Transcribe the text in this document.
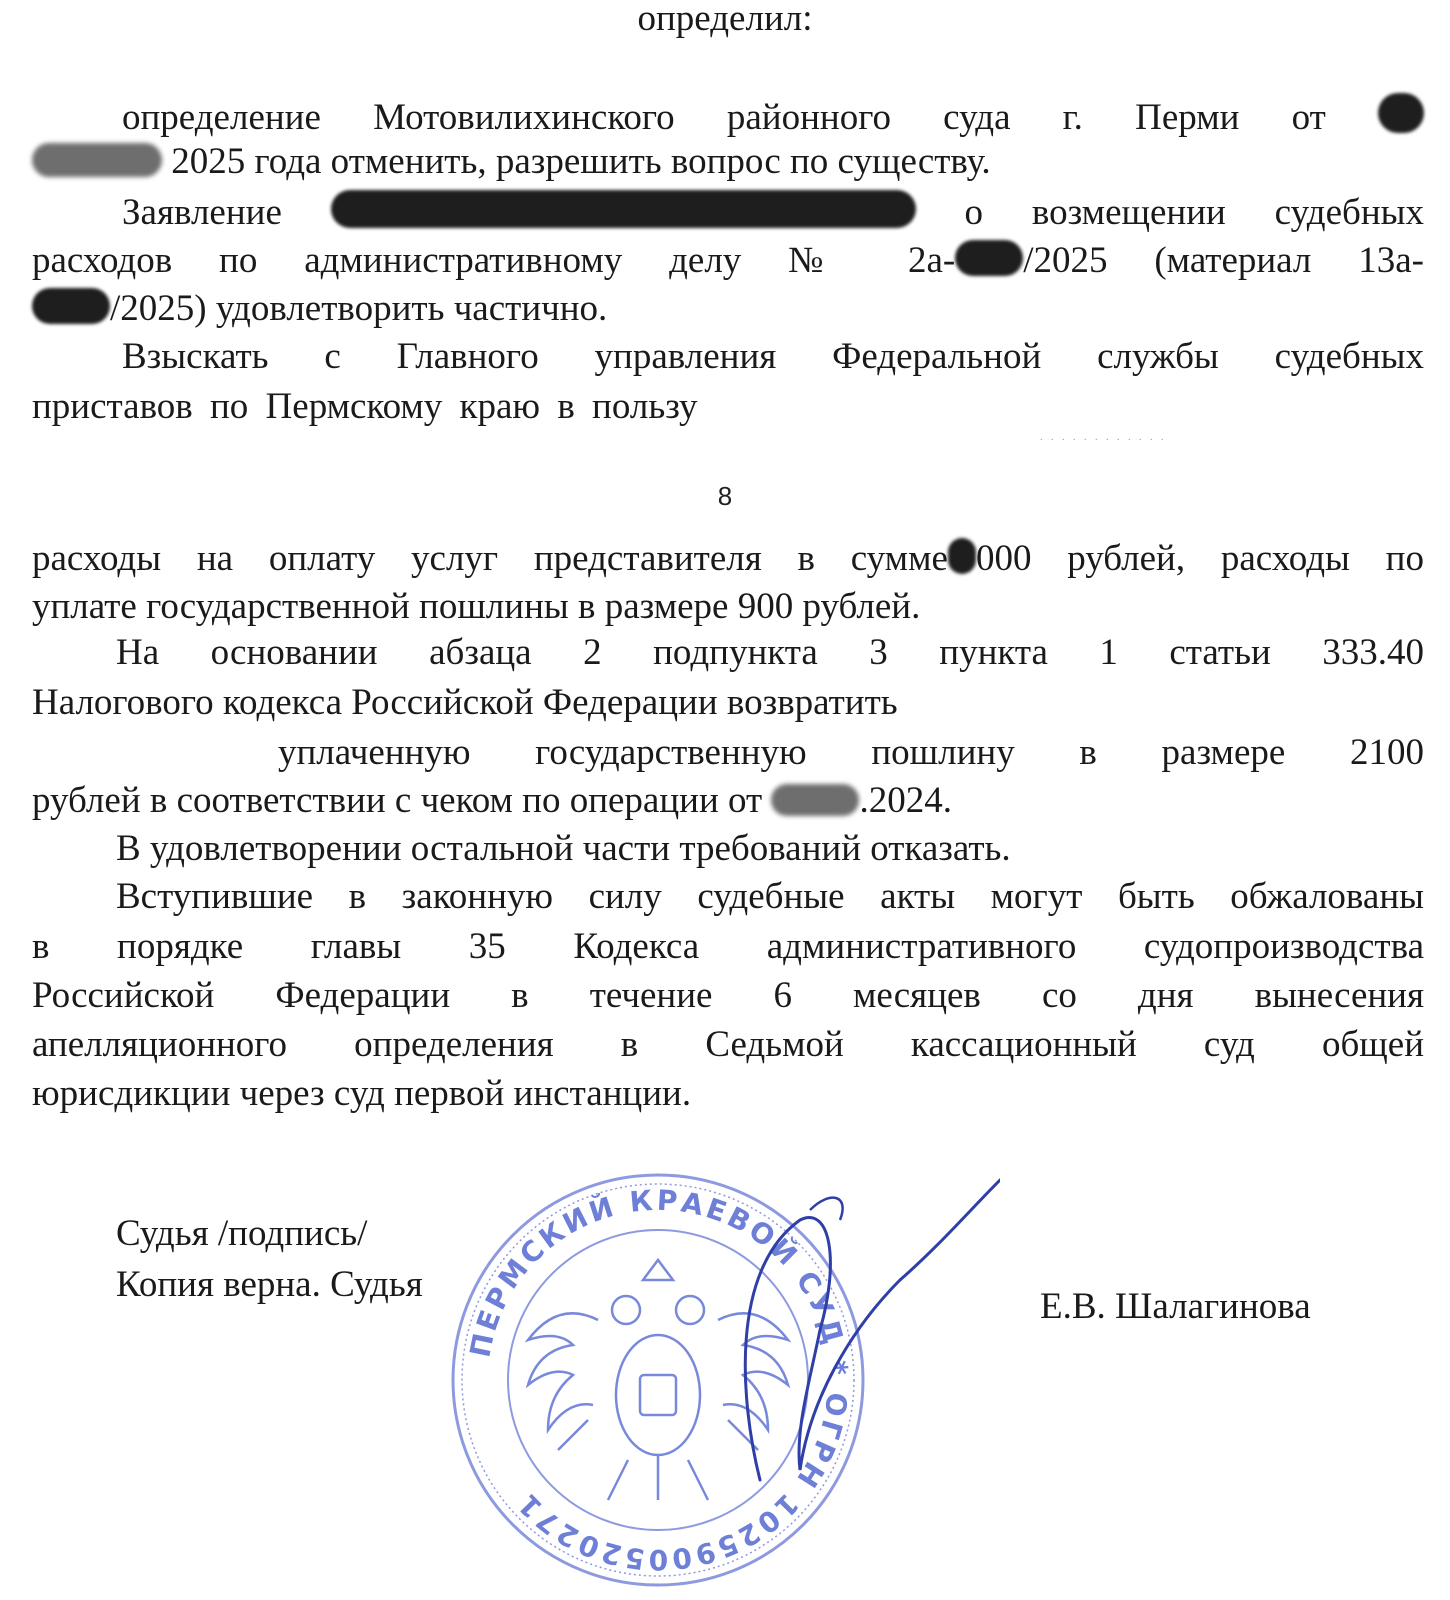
определил:
определение Мотовилихинского районного суда г. Перми от
2025 года отменить, разрешить вопрос по существу.
Заявление	о возмещении судебных
расходов по административному делу № 2а- /2025 (материал 13а-
/2025) удовлетворить частично.
Взыскать с Главного управления Федеральной службы судебных
приставов по Пермскому краю в пользу
. . . . . . . . . . . .
8
расходы на оплату услуг представителя в сумме 000 рублей, расходы по
уплате государственной пошлины в размере 900 рублей.
На основании абзаца 2 подпункта 3 пункта 1 статьи 333.40
Налогового кодекса Российской Федерации возвратить
уплаченную государственную пошлину в размере 2100
рублей в соответствии с чеком по операции от	.2024.
В удовлетворении остальной части требований отказать.
Вступившие в законную силу судебные акты могут быть обжалованы
в порядке главы 35 Кодекса административного судопроизводства
Российской Федерации в течение 6 месяцев со дня вынесения
апелляционного определения в Седьмой кассационный суд общей
юрисдикции через суд первой инстанции.
ПЕРМСКИЙ КРАЕВОЙ СУД * ОГРН 1025900520271
Судья /подпись/
Копия верна. Судья
Е.В. Шалагинова
